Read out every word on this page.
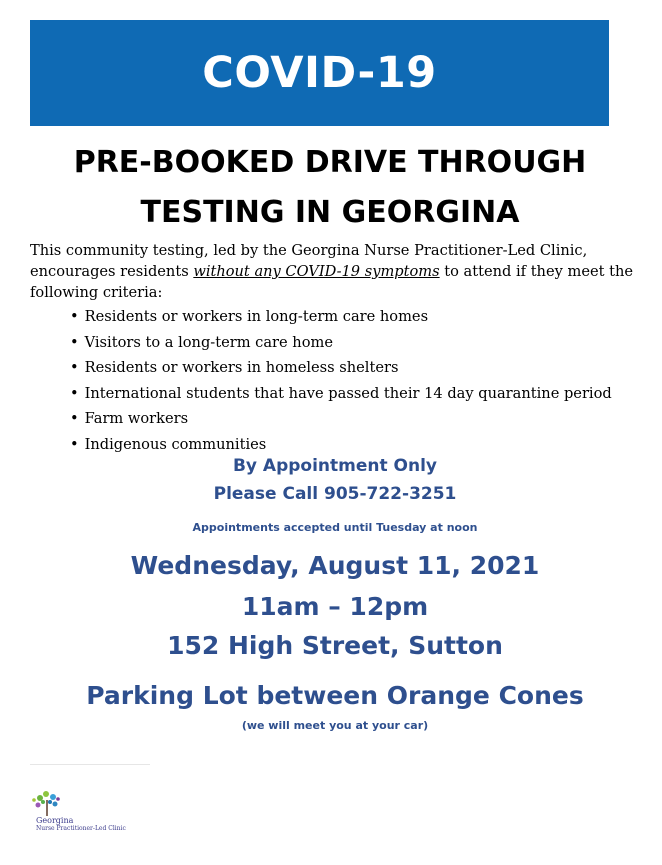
COVID-19
PRE-BOOKED DRIVE THROUGH
TESTING IN GEORGINA
This community testing, led by the Georgina Nurse Practitioner-Led Clinic, encourages residents without any COVID-19 symptoms to attend if they meet the following criteria:
• Residents or workers in long-term care homes
• Visitors to a long-term care home
• Residents or workers in homeless shelters
• International students that have passed their 14 day quarantine period
• Farm workers
• Indigenous communities
By Appointment Only
Please Call 905-722-3251
Appointments accepted until Tuesday at noon
Wednesday, August 11, 2021
11am – 12pm
152 High Street, Sutton
Parking Lot between Orange Cones
(we will meet you at your car)
Georgina
Nurse Practitioner-Led Clinic
